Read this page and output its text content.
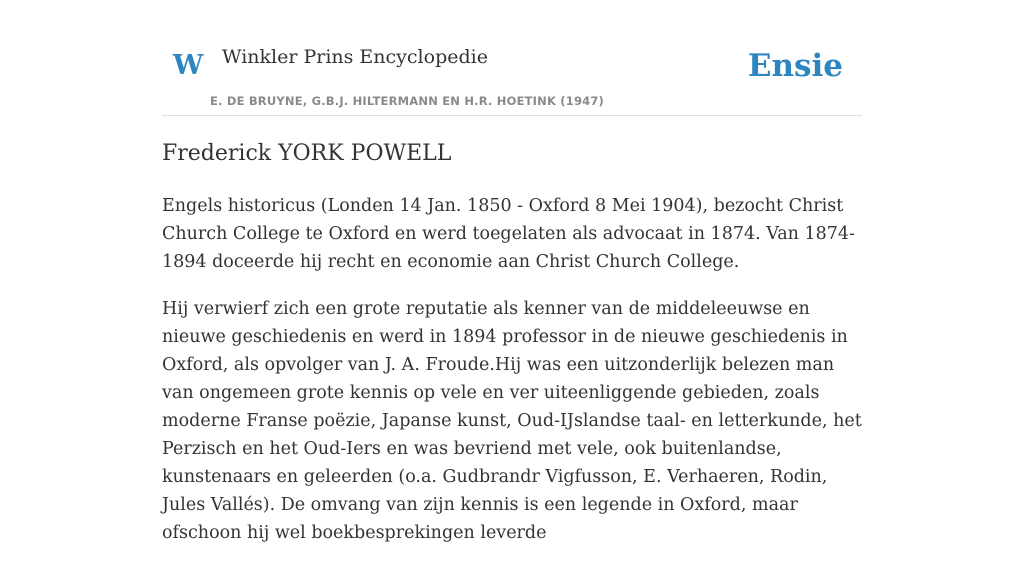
W Winkler Prins Encyclopedie
E. DE BRUYNE, G.B.J. HILTERMANN EN H.R. HOETINK (1947)
Ensie
Frederick YORK POWELL

Engels historicus (Londen 14 Jan. 1850 - Oxford 8 Mei 1904), bezocht Christ Church College te Oxford en werd toegelaten als advocaat in 1874. Van 1874-1894 doceerde hij recht en economie aan Christ Church College.

Hij verwierf zich een grote reputatie als kenner van de middeleeuwse en nieuwe geschiedenis en werd in 1894 professor in de nieuwe geschiedenis in Oxford, als opvolger van J. A. Froude.Hij was een uitzonderlijk belezen man van ongemeen grote kennis op vele en ver uiteenliggende gebieden, zoals moderne Franse poëzie, Japanse kunst, Oud-IJslandse taal- en letterkunde, het Perzisch en het Oud-Iers en was bevriend met vele, ook buitenlandse, kunstenaars en geleerden (o.a. Gudbrandr Vigfusson, E. Verhaeren, Rodin, Jules Vallés). De omvang van zijn kennis is een legende in Oxford, maar ofschoon hij wel boekbesprekingen leverde
